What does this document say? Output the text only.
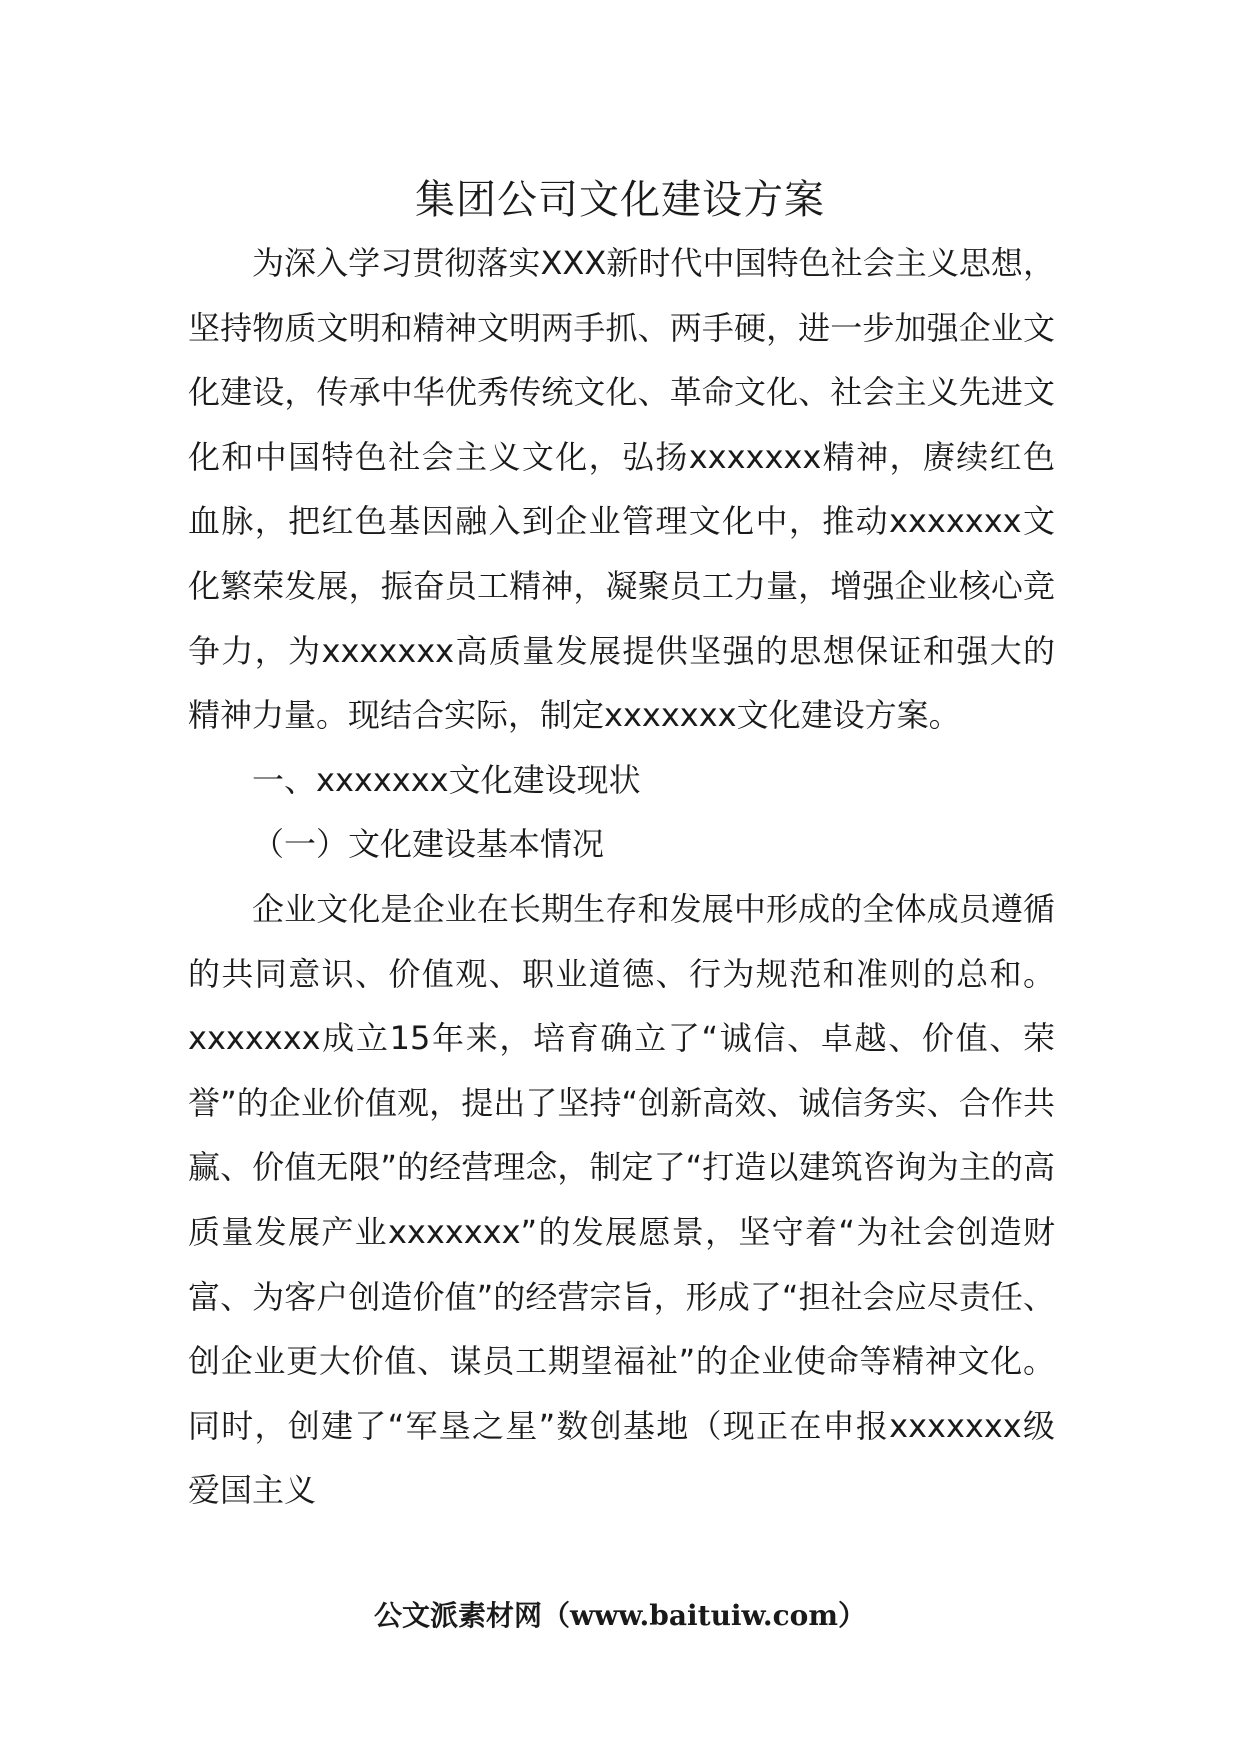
集团公司文化建设方案

为深入学习贯彻落实XXX新时代中国特色社会主义思想，坚持物质文明和精神文明两手抓、两手硬，进一步加强企业文化建设，传承中华优秀传统文化、革命文化、社会主义先进文化和中国特色社会主义文化，弘扬xxxxxxx精神，赓续红色血脉，把红色基因融入到企业管理文化中，推动xxxxxxx文化繁荣发展，振奋员工精神，凝聚员工力量，增强企业核心竞争力，为xxxxxxx高质量发展提供坚强的思想保证和强大的精神力量。现结合实际，制定xxxxxxx文化建设方案。

一、xxxxxxx文化建设现状

（一）文化建设基本情况

企业文化是企业在长期生存和发展中形成的全体成员遵循的共同意识、价值观、职业道德、行为规范和准则的总和。xxxxxxx成立15年来，培育确立了“诚信、卓越、价值、荣誉”的企业价值观，提出了坚持“创新高效、诚信务实、合作共赢、价值无限”的经营理念，制定了“打造以建筑咨询为主的高质量发展产业xxxxxxx”的发展愿景，坚守着“为社会创造财富、为客户创造价值”的经营宗旨，形成了“担社会应尽责任、创企业更大价值、谋员工期望福祉”的企业使命等精神文化。同时，创建了“军垦之星”数创基地（现正在申报xxxxxxx级爱国主义

公文派素材网（www.baituiw.com）
